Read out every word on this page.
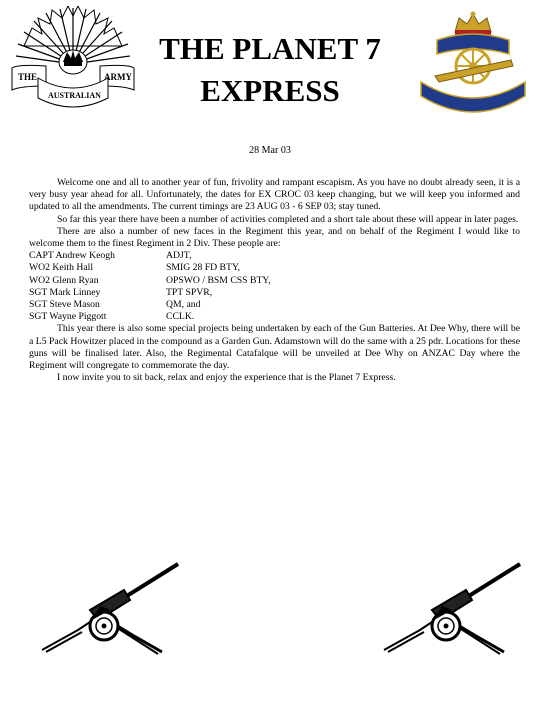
THE	ARMY
AUSTRALIAN
THE PLANET 7
EXPRESS
28 Mar 03

Welcome one and all to another year of fun, frivolity and rampant escapism. As you have no doubt already seen, it is a very busy year ahead for all. Unfortunately, the dates for EX CROC 03 keep changing, but we will keep you informed and updated to all the amendments. The current timings are 23 AUG 03 - 6 SEP 03; stay tuned.

So far this year there have been a number of activities completed and a short tale about these will appear in later pages.

There are also a number of new faces in the Regiment this year, and on behalf of the Regiment I would like to welcome them to the finest Regiment in 2 Div. These people are:

CAPT Andrew Keogh	ADJT,
WO2 Keith Hall	SMIG 28 FD BTY,
WO2 Glenn Ryan	OPSWO / BSM CSS BTY,
SGT Mark Linney	TPT SPVR,
SGT Steve Mason	QM, and
SGT Wayne Piggott	CCLK.

This year there is also some special projects being undertaken by each of the Gun Batteries. At Dee Why, there will be a L5 Pack Howitzer placed in the compound as a Garden Gun. Adamstown will do the same with a 25 pdr. Locations for these guns will be finalised later. Also, the Regimental Catafalque will be unveiled at Dee Why on ANZAC Day where the Regiment will congregate to commemorate the day.

I now invite you to sit back, relax and enjoy the experience that is the Planet 7 Express.
